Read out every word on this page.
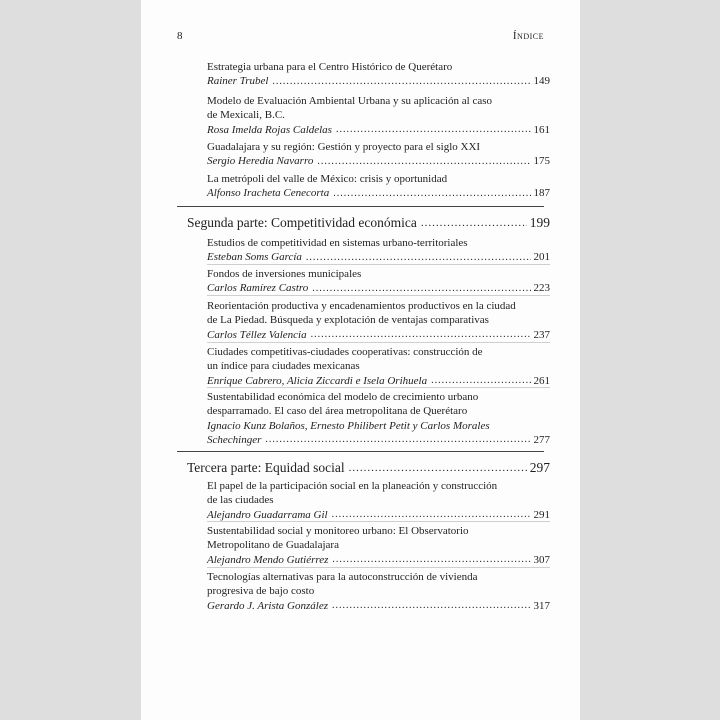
8	Índice
Estrategia urbana para el Centro Histórico de Querétaro
Rainer Trubel .....	149
Modelo de Evaluación Ambiental Urbana y su aplicación al caso
de Mexicali, B.C.
Rosa Imelda Rojas Caldelas .....	161
Guadalajara y su región: Gestión y proyecto para el siglo XXI
Sergio Heredia Navarro .....	175
La metrópoli del valle de México: crisis y oportunidad
Alfonso Iracheta Cenecorta .....	187
Segunda parte: Competitividad económica .....	199
Estudios de competitividad en sistemas urbano-territoriales
Esteban Soms García .....	201
Fondos de inversiones municipales
Carlos Ramírez Castro .....	223
Reorientación productiva y encadenamientos productivos en la ciudad
de La Piedad. Búsqueda y explotación de ventajas comparativas
Carlos Téllez Valencia .....	237
Ciudades competitivas-ciudades cooperativas: construcción de
un índice para ciudades mexicanas
Enrique Cabrero, Alicia Ziccardi e Isela Orihuela .....	261
Sustentabilidad económica del modelo de crecimiento urbano
desparramado. El caso del área metropolitana de Querétaro
Ignacio Kunz Bolaños, Ernesto Philibert Petit y Carlos Morales
Schechinger .....	277
Tercera parte: Equidad social .....	297
El papel de la participación social en la planeación y construcción
de las ciudades
Alejandro Guadarrama Gil .....	291
Sustentabilidad social y monitoreo urbano: El Observatorio
Metropolitano de Guadalajara
Alejandro Mendo Gutiérrez .....	307
Tecnologías alternativas para la autoconstrucción de vivienda
progresiva de bajo costo
Gerardo J. Arista González .....	317
